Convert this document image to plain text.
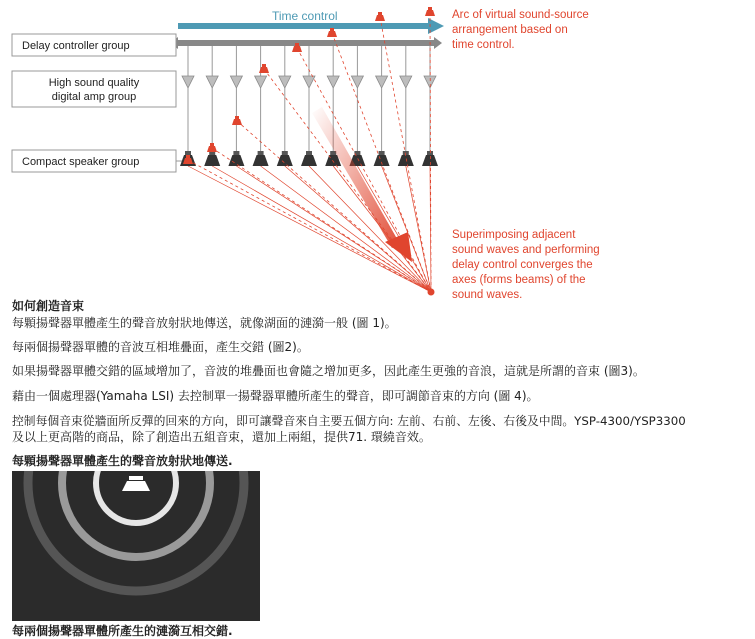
Time control
Delay controller group
High sound quality
digital amp group
Compact speaker group
Arc of virtual sound-source
arrangement based on
time control.
Superimposing adjacent
sound waves and performing
delay control converges the
axes (forms beams) of the
sound waves.

如何創造音束

每顆揚聲器單體產生的聲音放射狀地傳送，就像湖面的漣漪一般 (圖 1)。

每兩個揚聲器單體的音波互相堆疊面，產生交錯 (圖2)。

如果揚聲器單體交錯的區域增加了，音波的堆疊面也會隨之增加更多，因此產生更強的音浪，這就是所謂的音束 (圖3)。

藉由一個處理器(Yamaha LSI) 去控制單一揚聲器單體所產生的聲音，即可調節音束的方向 (圖 4)。

控制每個音束從牆面所反彈的回來的方向，即可讓聲音來自主要五個方向: 左前、右前、左後、右後及中間。YSP-4300/YSP3300

及以上更高階的商品，除了創造出五組音束，還加上兩組，提供71. 環繞音效。

每顆揚聲器單體產生的聲音放射狀地傳送.

每兩個揚聲器單體所產生的漣漪互相交錯.
